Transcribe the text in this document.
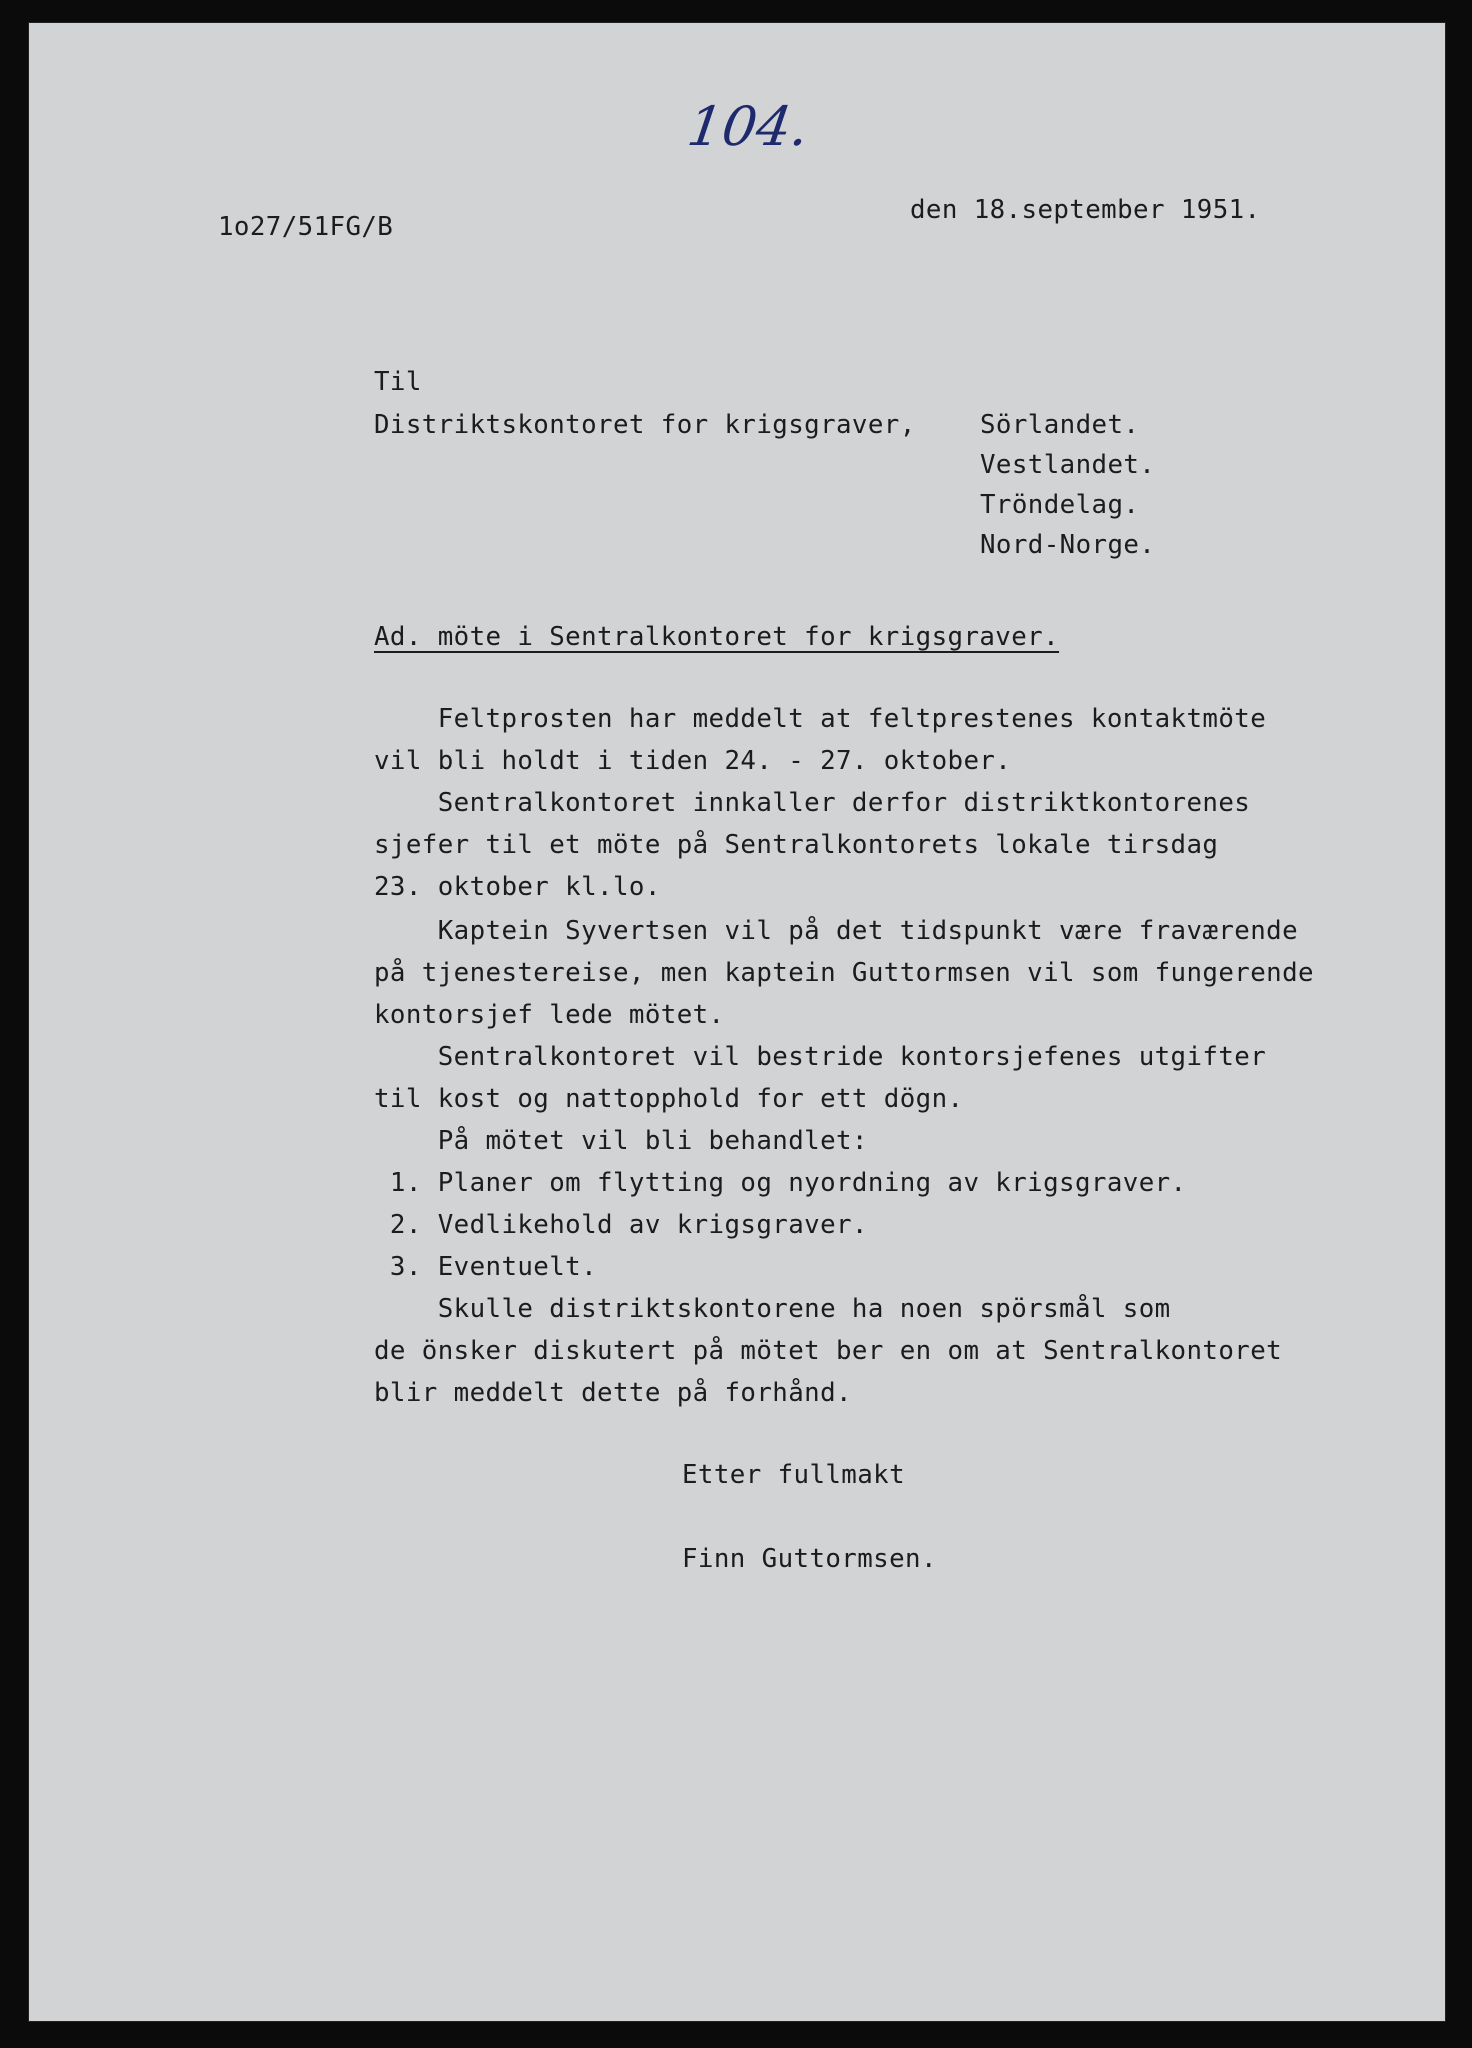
104.

1o27/51FG/B

den 18.september 1951.

Til

Distriktskontoret for krigsgraver, Sörlandet.

Vestlandet.

Tröndelag.

Nord-Norge.

Ad. möte i Sentralkontoret for krigsgraver.

Feltprosten har meddelt at feltprestenes kontaktmöte

vil bli holdt i tiden 24. - 27. oktober.

Sentralkontoret innkaller derfor distriktkontorenes

sjefer til et möte på Sentralkontorets lokale tirsdag

23. oktober kl.lo.

Kaptein Syvertsen vil på det tidspunkt være fraværende

på tjenestereise, men kaptein Guttormsen vil som fungerende

kontorsjef lede mötet.

Sentralkontoret vil bestride kontorsjefenes utgifter

til kost og nattopphold for ett dögn.

På mötet vil bli behandlet:

1. Planer om flytting og nyordning av krigsgraver.

2. Vedlikehold av krigsgraver.

3. Eventuelt.

Skulle distriktskontorene ha noen spörsmål som

de önsker diskutert på mötet ber en om at Sentralkontoret

blir meddelt dette på forhånd.

Etter fullmakt

Finn Guttormsen.
